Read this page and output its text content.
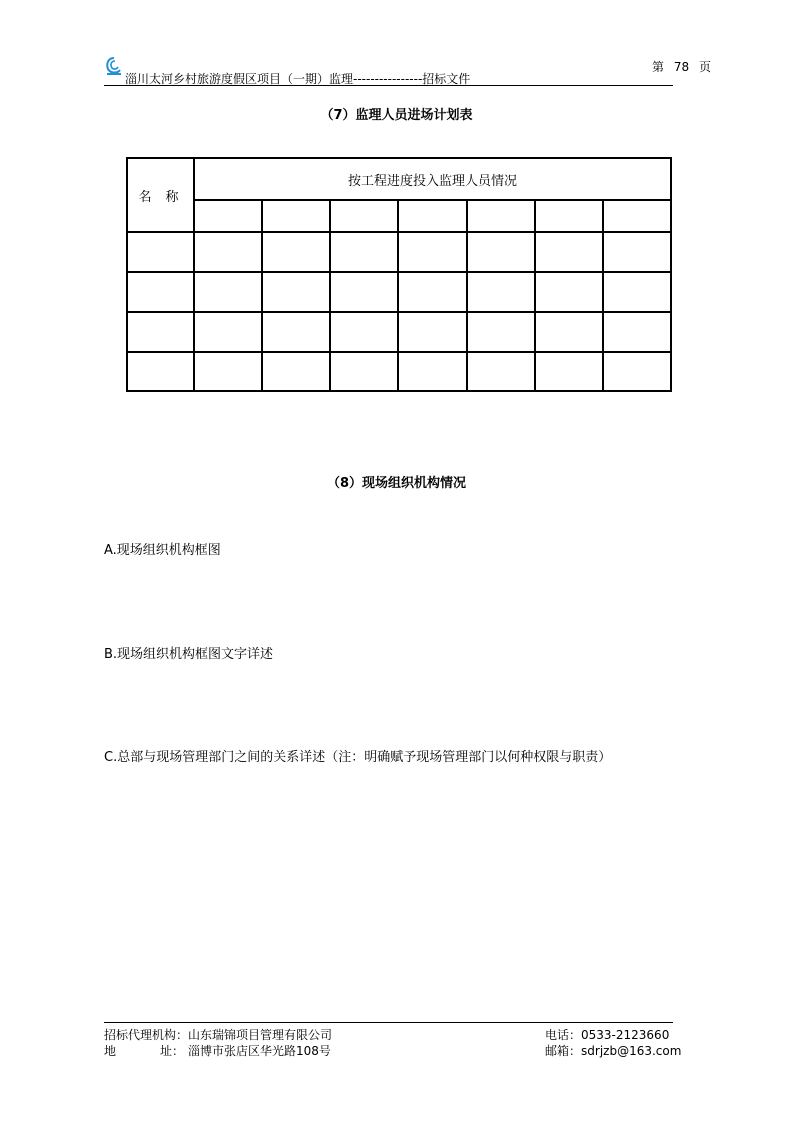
淄川太河乡村旅游度假区项目（一期）监理----------------招标文件
第 78 页
（7）监理人员进场计划表
名称	按工程进度投入监理人员情况						

（8）现场组织机构情况
A.现场组织机构框图
B.现场组织机构框图文字详述
C.总部与现场管理部门之间的关系详述（注：明确赋予现场管理部门以何种权限与职责）
招标代理机构：山东瑞锦项目管理有限公司
地	址： 淄博市张店区华光路108号
电话：0533-2123660
邮箱：sdrjzb@163.com
